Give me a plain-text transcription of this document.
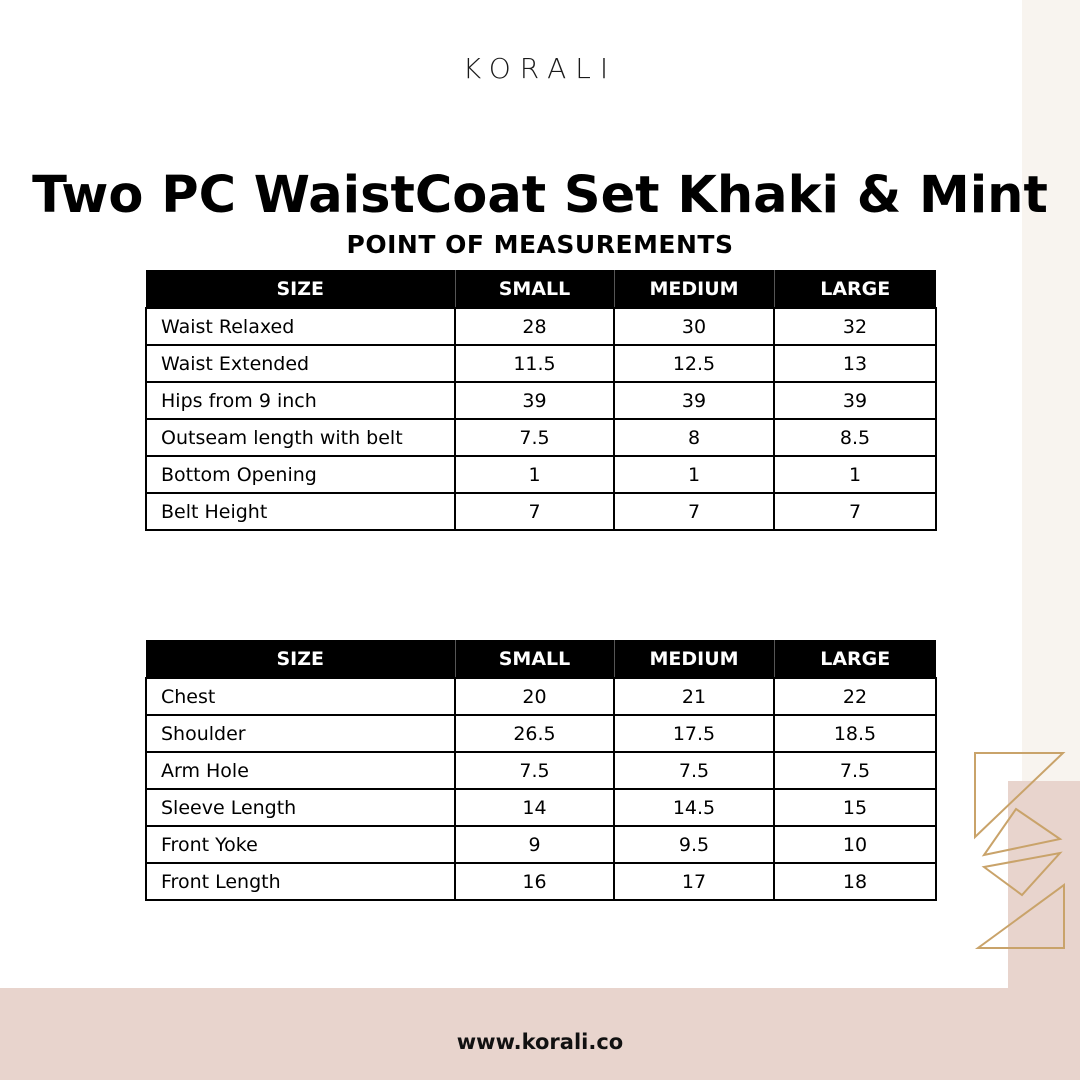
KORALI
Two PC WaistCoat Set Khaki & Mint
POINT OF MEASUREMENTS
SIZE	SMALL	MEDIUM	LARGE
Waist Relaxed	28	30	32
Waist Extended	11.5	12.5	13
Hips from 9 inch	39	39	39
Outseam length with belt	7.5	8	8.5
Bottom Opening	1	1	1
Belt Height	7	7	7
SIZE	SMALL	MEDIUM	LARGE
Chest	20	21	22
Shoulder	26.5	17.5	18.5
Arm Hole	7.5	7.5	7.5
Sleeve Length	14	14.5	15
Front Yoke	9	9.5	10
Front Length	16	17	18
www.korali.co
